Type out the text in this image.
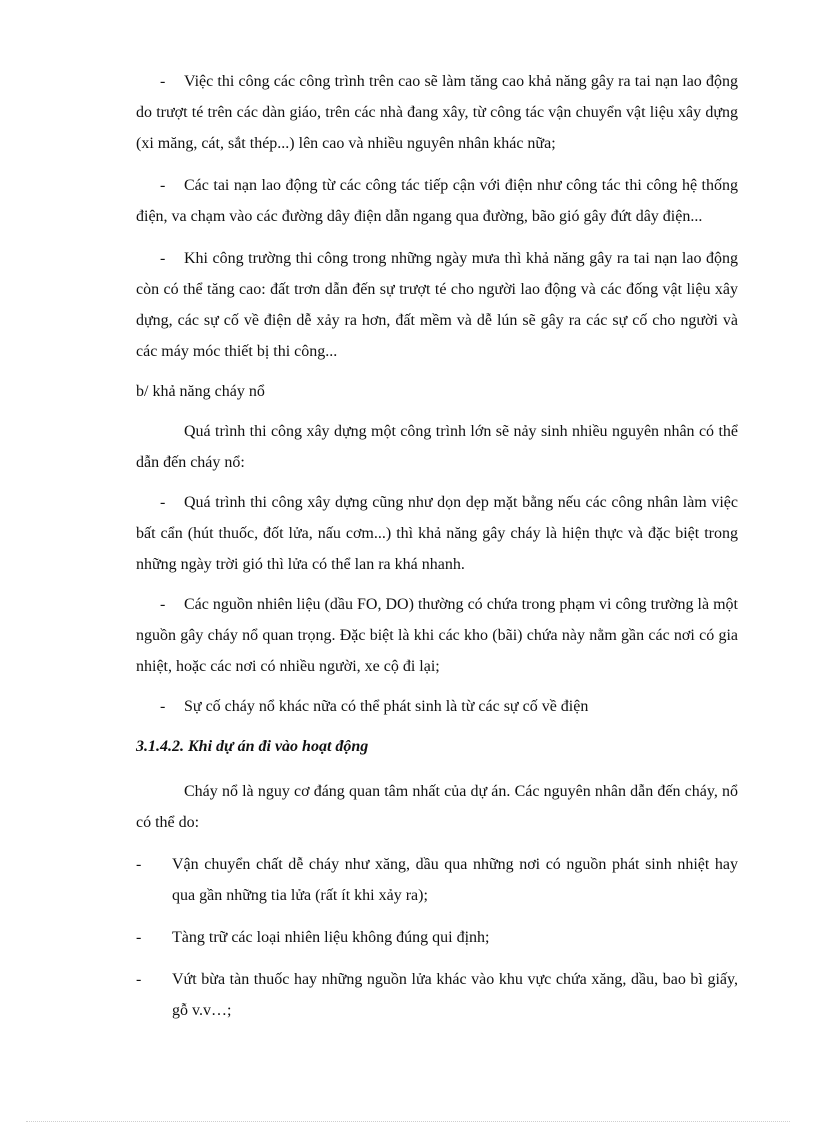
- Việc thi công các công trình trên cao sẽ làm tăng cao khả năng gây ra tai nạn lao động do trượt té trên các dàn giáo, trên các nhà đang xây, từ công tác vận chuyển vật liệu xây dựng (xi măng, cát, sắt thép...) lên cao và nhiều nguyên nhân khác nữa;

- Các tai nạn lao động từ các công tác tiếp cận với điện như công tác thi công hệ thống điện, va chạm vào các đường dây điện dẫn ngang qua đường, bão gió gây đứt dây điện...

- Khi công trường thi công trong những ngày mưa thì khả năng gây ra tai nạn lao động còn có thể tăng cao: đất trơn dẫn đến sự trượt té cho người lao động và các đống vật liệu xây dựng, các sự cố về điện dễ xảy ra hơn, đất mềm và dễ lún sẽ gây ra các sự cố cho người và các máy móc thiết bị thi công...

b/ khả năng cháy nổ

Quá trình thi công xây dựng một công trình lớn sẽ nảy sinh nhiều nguyên nhân có thể dẫn đến cháy nổ:

- Quá trình thi công xây dựng cũng như dọn dẹp mặt bằng nếu các công nhân làm việc bất cẩn (hút thuốc, đốt lửa, nấu cơm...) thì khả năng gây cháy là hiện thực và đặc biệt trong những ngày trời gió thì lửa có thể lan ra khá nhanh.

- Các nguồn nhiên liệu (dầu FO, DO) thường có chứa trong phạm vi công trường là một nguồn gây cháy nổ quan trọng. Đặc biệt là khi các kho (bãi) chứa này nằm gần các nơi có gia nhiệt, hoặc các nơi có nhiều người, xe cộ đi lại;

- Sự cố cháy nổ khác nữa có thể phát sinh là từ các sự cố về điện

3.1.4.2. Khi dự án đi vào hoạt động

Cháy nổ là nguy cơ đáng quan tâm nhất của dự án. Các nguyên nhân dẫn đến cháy, nổ có thể do:

- Vận chuyển chất dễ cháy như xăng, dầu qua những nơi có nguồn phát sinh nhiệt hay qua gần những tia lửa (rất ít khi xảy ra);

- Tàng trữ các loại nhiên liệu không đúng qui định;

- Vứt bừa tàn thuốc hay những nguồn lửa khác vào khu vực chứa xăng, dầu, bao bì giấy, gỗ v.v…;
